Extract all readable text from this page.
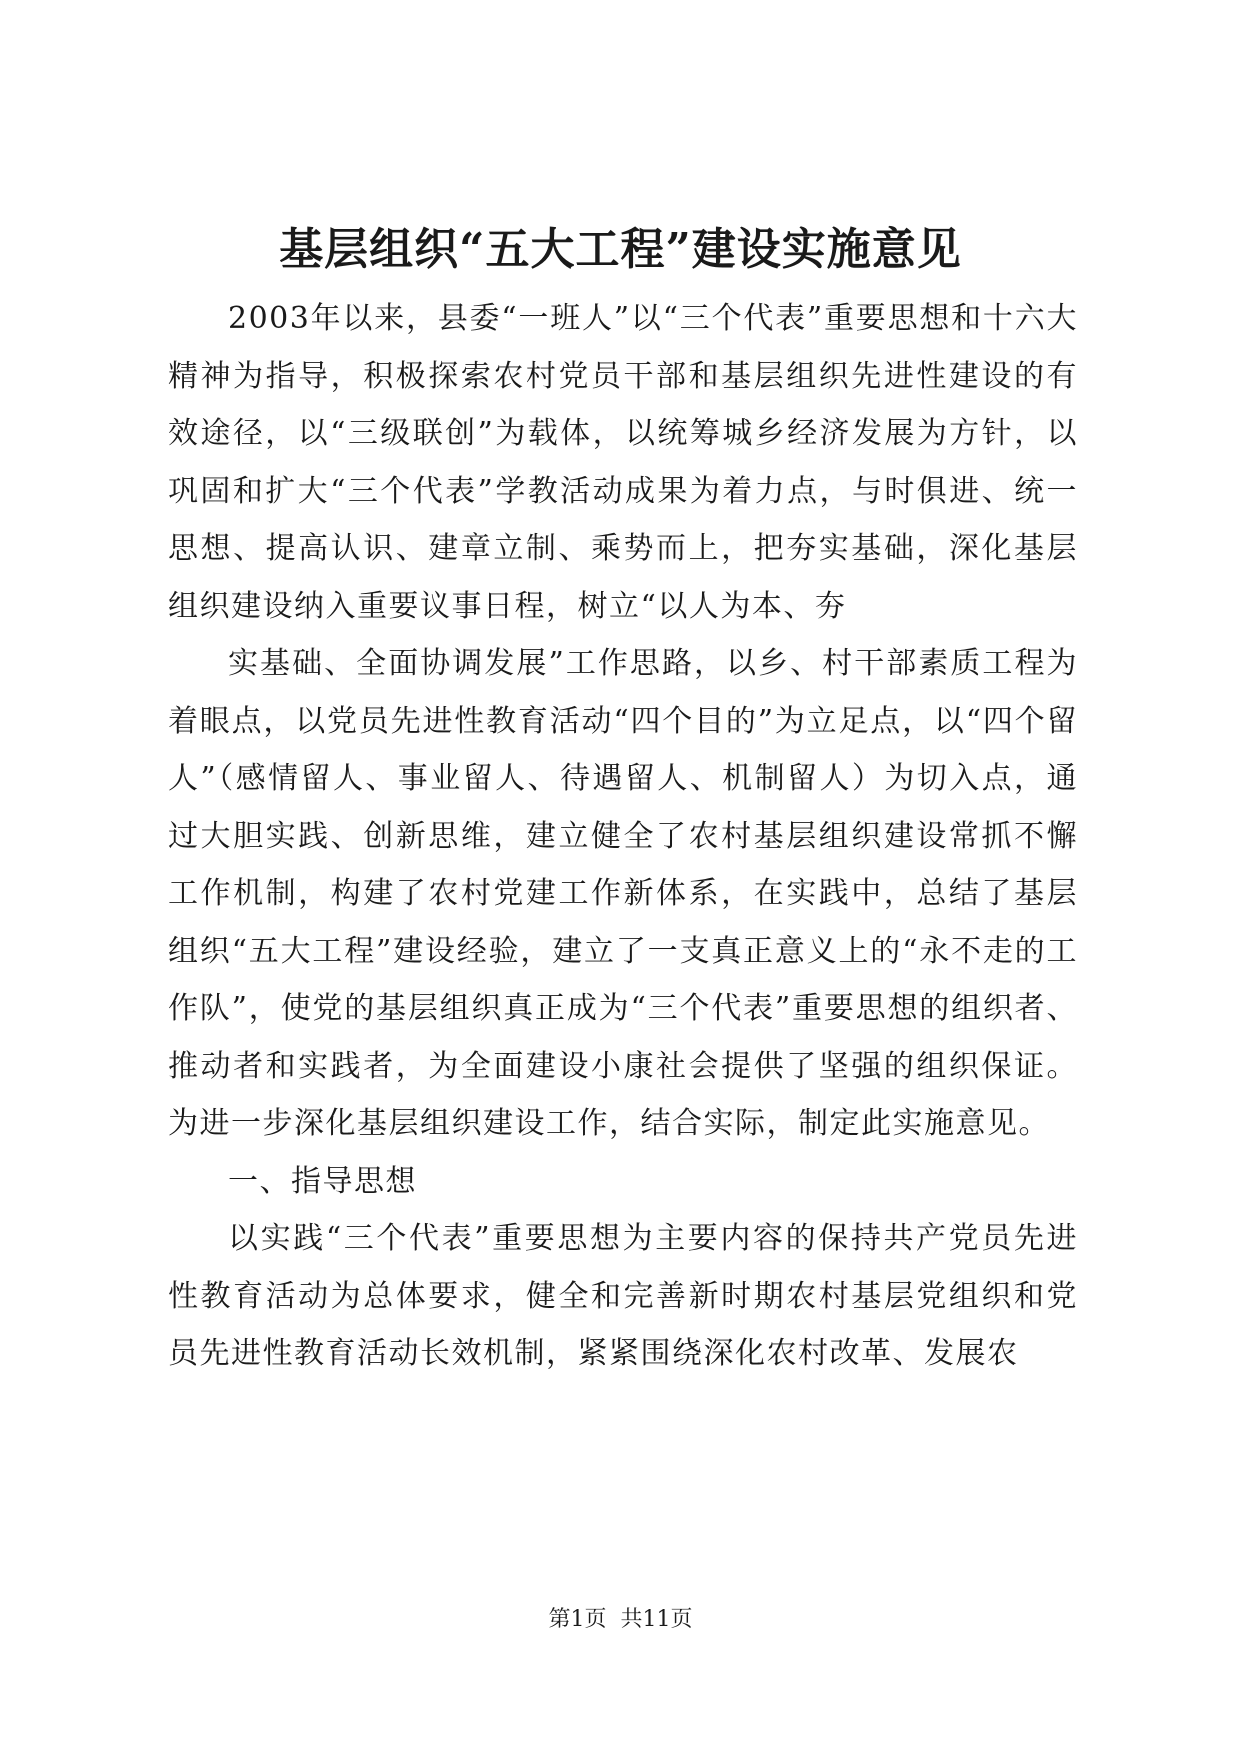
基层组织“五大工程”建设实施意见

2003年以来，县委“一班人”以“三个代表”重要思想和十六大精神为指导，积极探索农村党员干部和基层组织先进性建设的有效途径，以“三级联创”为载体，以统筹城乡经济发展为方针，以巩固和扩大“三个代表”学教活动成果为着力点，与时俱进、统一思想、提高认识、建章立制、乘势而上，把夯实基础，深化基层组织建设纳入重要议事日程，树立“以人为本、夯

实基础、全面协调发展”工作思路，以乡、村干部素质工程为着眼点，以党员先进性教育活动“四个目的”为立足点，以“四个留人”（感情留人、事业留人、待遇留人、机制留人）为切入点，通过大胆实践、创新思维，建立健全了农村基层组织建设常抓不懈工作机制，构建了农村党建工作新体系，在实践中，总结了基层组织“五大工程”建设经验，建立了一支真正意义上的“永不走的工作队”，使党的基层组织真正成为“三个代表”重要思想的组织者、推动者和实践者，为全面建设小康社会提供了坚强的组织保证。为进一步深化基层组织建设工作，结合实际，制定此实施意见。

一、指导思想

以实践“三个代表”重要思想为主要内容的保持共产党员先进性教育活动为总体要求，健全和完善新时期农村基层党组织和党员先进性教育活动长效机制，紧紧围绕深化农村改革、发展农

第1页 共11页
